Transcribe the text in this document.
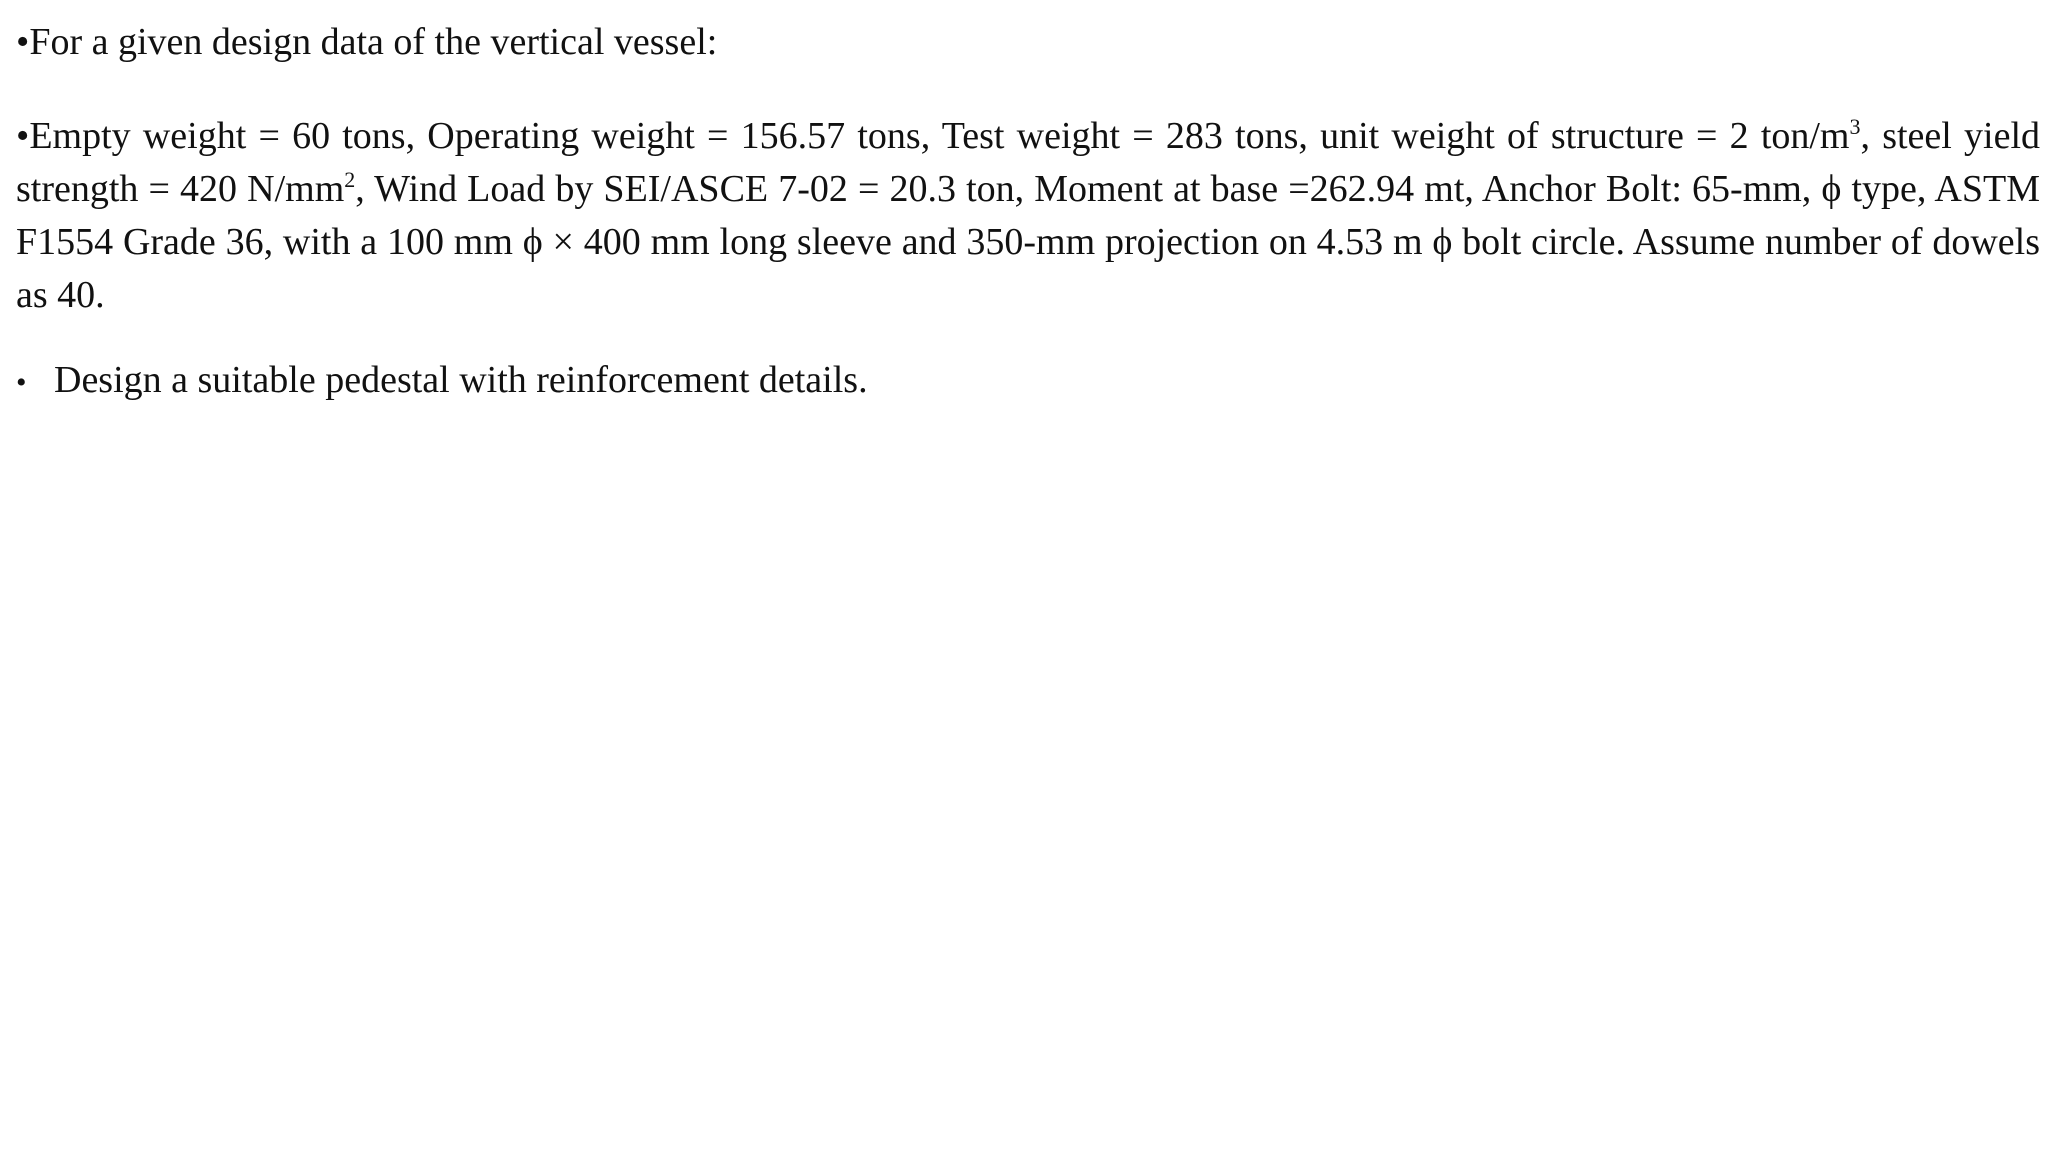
•For a given design data of the vertical vessel:

•Empty weight = 60 tons, Operating weight = 156.57 tons, Test weight = 283 tons, unit weight of structure = 2 ton/$m^3$, steel yield strength = 420 $N/mm^2$, Wind Load by SEI/ASCE 7-02 = 20.3 ton, Moment at base =262.94 mt, Anchor Bolt: 65-mm, ϕ type, ASTM F1554 Grade 36, with a 100 mm ϕ × 400 mm long sleeve and 350-mm projection on 4.53 m ϕ bolt circle. Assume number of dowels as 40.

• Design a suitable pedestal with reinforcement details.
